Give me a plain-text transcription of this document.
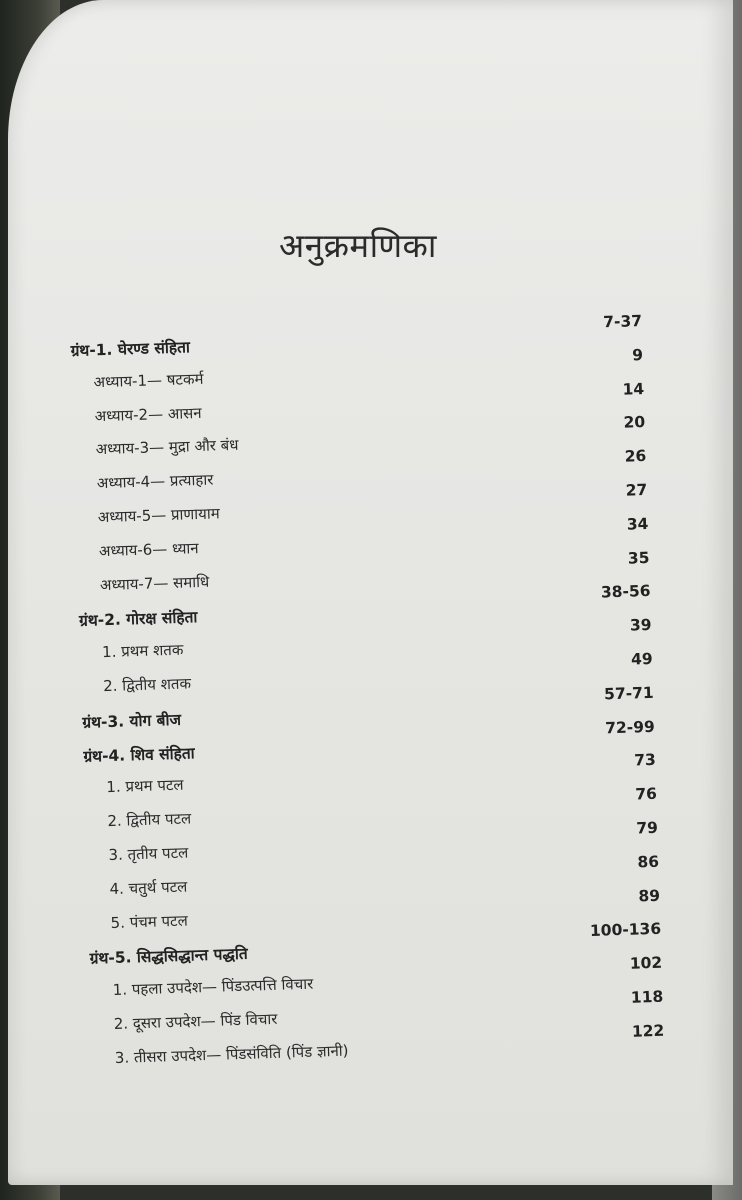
अनुक्रमणिका
ग्रंथ-1. घेरण्ड संहिता
7-37
अध्याय-1— षटकर्म
9
अध्याय-2— आसन
14
अध्याय-3— मुद्रा और बंध
20
अध्याय-4— प्रत्याहार
26
अध्याय-5— प्राणायाम
27
अध्याय-6— ध्यान
34
अध्याय-7— समाधि
35
ग्रंथ-2. गोरक्ष संहिता
38-56
1. प्रथम शतक
39
2. द्वितीय शतक
49
ग्रंथ-3. योग बीज
57-71
ग्रंथ-4. शिव संहिता
72-99
1. प्रथम पटल
73
2. द्वितीय पटल
76
3. तृतीय पटल
79
4. चतुर्थ पटल
86
5. पंचम पटल
89
ग्रंथ-5. सिद्धसिद्धान्त पद्धति
100-136
1. पहला उपदेश— पिंडउत्पत्ति विचार
102
2. दूसरा उपदेश— पिंड विचार
118
3. तीसरा उपदेश— पिंडसंविति (पिंड ज्ञानी)
122
